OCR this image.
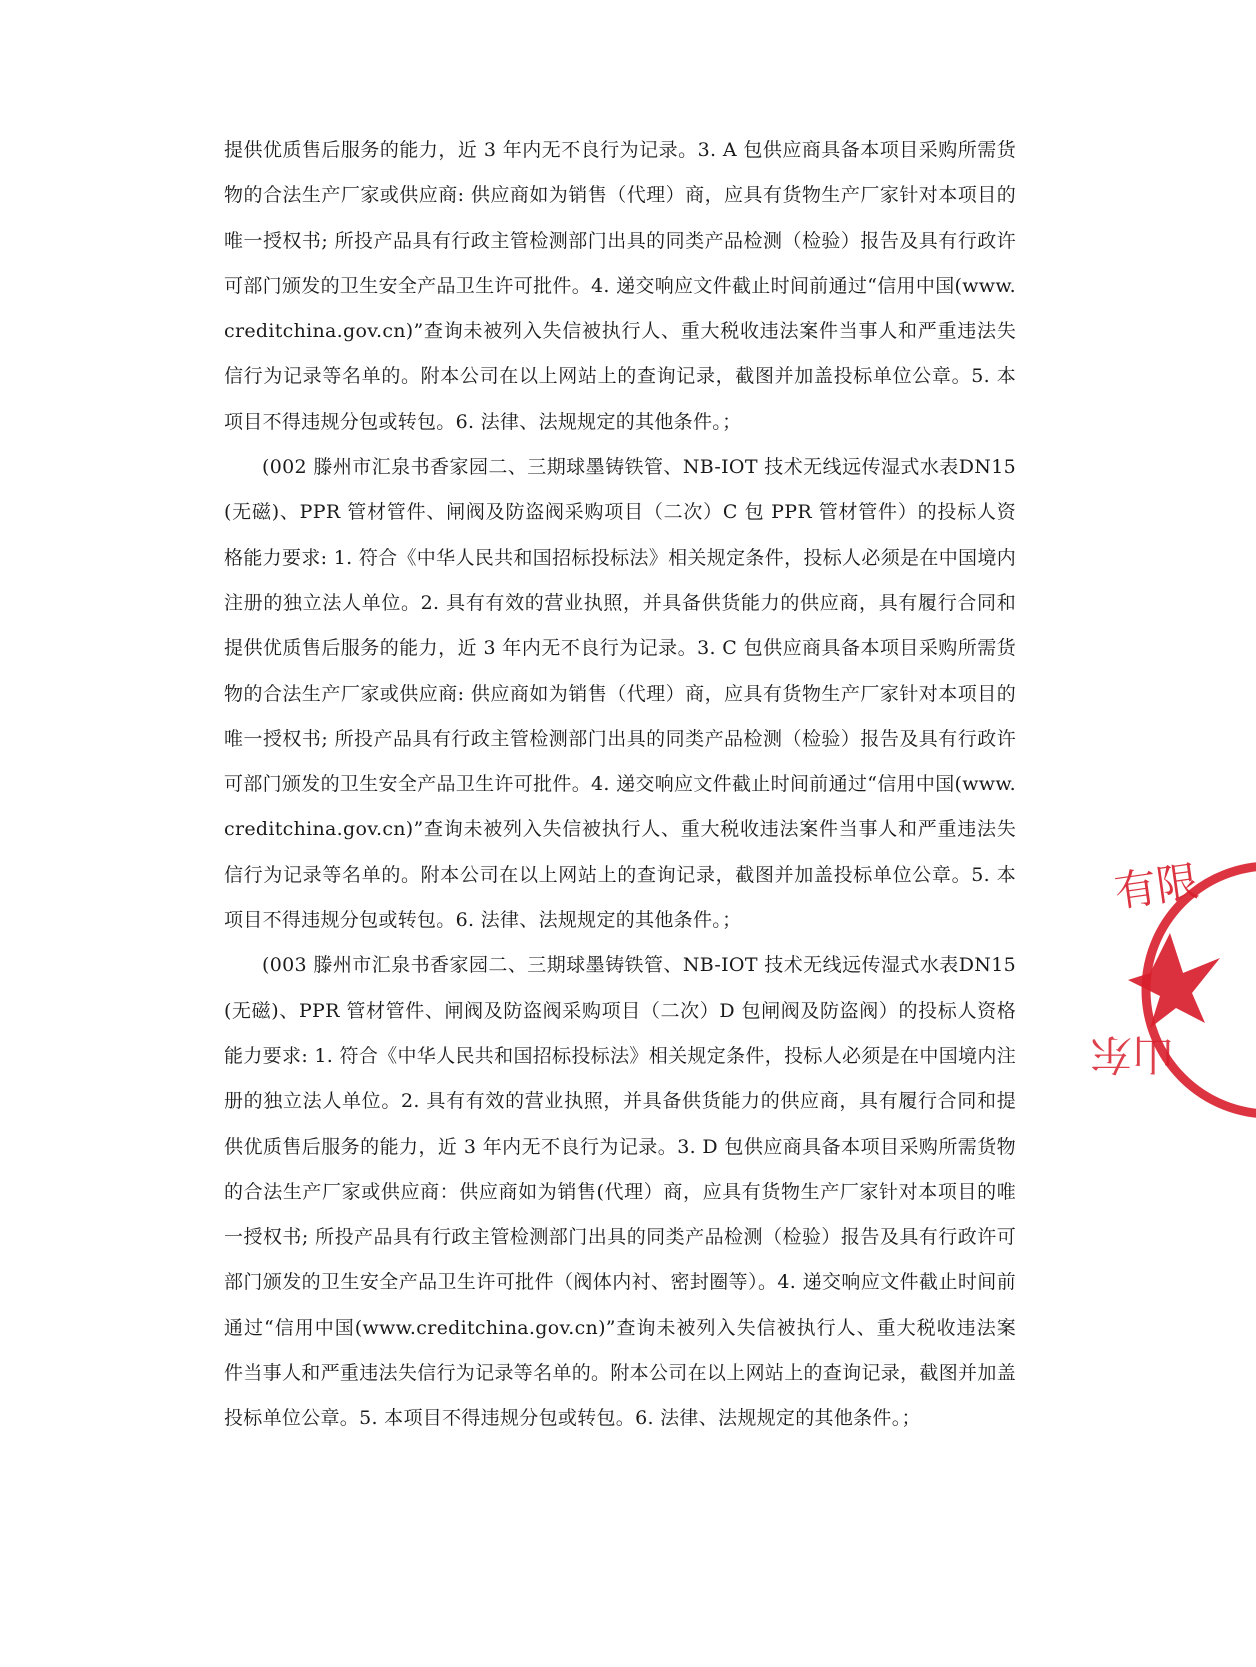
提供优质售后服务的能力，近 3 年内无不良行为记录。3. A 包供应商具备本项目采购所需货物的合法生产厂家或供应商: 供应商如为销售（代理）商，应具有货物生产厂家针对本项目的唯一授权书; 所投产品具有行政主管检测部门出具的同类产品检测（检验）报告及具有行政许可部门颁发的卫生安全产品卫生许可批件。4. 递交响应文件截止时间前通过“信用中国(www.creditchina.gov.cn)”查询未被列入失信被执行人、重大税收违法案件当事人和严重违法失信行为记录等名单的。附本公司在以上网站上的查询记录，截图并加盖投标单位公章。5. 本项目不得违规分包或转包。6. 法律、法规规定的其他条件。；

(002 滕州市汇泉书香家园二、三期球墨铸铁管、NB-IOT 技术无线远传湿式水表DN15(无磁)、PPR 管材管件、闸阀及防盗阀采购项目（二次）C 包 PPR 管材管件）的投标人资格能力要求: 1. 符合《中华人民共和国招标投标法》相关规定条件，投标人必须是在中国境内注册的独立法人单位。2. 具有有效的营业执照，并具备供货能力的供应商，具有履行合同和提供优质售后服务的能力，近 3 年内无不良行为记录。3. C 包供应商具备本项目采购所需货物的合法生产厂家或供应商: 供应商如为销售（代理）商，应具有货物生产厂家针对本项目的唯一授权书; 所投产品具有行政主管检测部门出具的同类产品检测（检验）报告及具有行政许可部门颁发的卫生安全产品卫生许可批件。4. 递交响应文件截止时间前通过“信用中国(www.creditchina.gov.cn)”查询未被列入失信被执行人、重大税收违法案件当事人和严重违法失信行为记录等名单的。附本公司在以上网站上的查询记录，截图并加盖投标单位公章。5. 本项目不得违规分包或转包。6. 法律、法规规定的其他条件。；

(003 滕州市汇泉书香家园二、三期球墨铸铁管、NB-IOT 技术无线远传湿式水表DN15(无磁)、PPR 管材管件、闸阀及防盗阀采购项目（二次）D 包闸阀及防盗阀）的投标人资格能力要求: 1. 符合《中华人民共和国招标投标法》相关规定条件，投标人必须是在中国境内注册的独立法人单位。2. 具有有效的营业执照，并具备供货能力的供应商，具有履行合同和提供优质售后服务的能力，近 3 年内无不良行为记录。3. D 包供应商具备本项目采购所需货物的合法生产厂家或供应商：供应商如为销售(代理）商，应具有货物生产厂家针对本项目的唯一授权书; 所投产品具有行政主管检测部门出具的同类产品检测（检验）报告及具有行政许可部门颁发的卫生安全产品卫生许可批件（阀体内衬、密封圈等）。4. 递交响应文件截止时间前通过“信用中国(www.creditchina.gov.cn)”查询未被列入失信被执行人、重大税收违法案件当事人和严重违法失信行为记录等名单的。附本公司在以上网站上的查询记录，截图并加盖投标单位公章。5. 本项目不得违规分包或转包。6. 法律、法规规定的其他条件。；

有限
山东
